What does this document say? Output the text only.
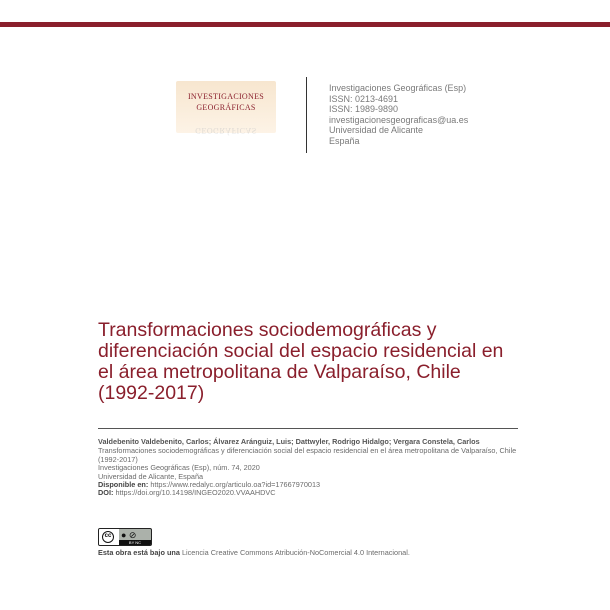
INVESTIGACIONES
GEOGRÁFICAS
GEOGRÁFICAS
Investigaciones Geográficas (Esp)
ISSN: 0213-4691
ISSN: 1989-9890
investigacionesgeograficas@ua.es
Universidad de Alicante
España
Transformaciones sociodemográficas y diferenciación social del espacio residencial en el área metropolitana de Valparaíso, Chile (1992-2017)
Valdebenito Valdebenito, Carlos; Álvarez Aránguiz, Luis; Dattwyler, Rodrigo Hidalgo; Vergara Constela, Carlos
Transformaciones sociodemográficas y diferenciación social del espacio residencial en el área metropolitana de Valparaíso, Chile (1992-2017)
Investigaciones Geográficas (Esp), núm. 74, 2020
Universidad de Alicante, España
Disponible en: https://www.redalyc.org/articulo.oa?id=17667970013
DOI: https://doi.org/10.14198/INGEO2020.VVAAHDVC
cc ● ⊘
BY NC
Esta obra está bajo una Licencia Creative Commons Atribución-NoComercial 4.0 Internacional.
